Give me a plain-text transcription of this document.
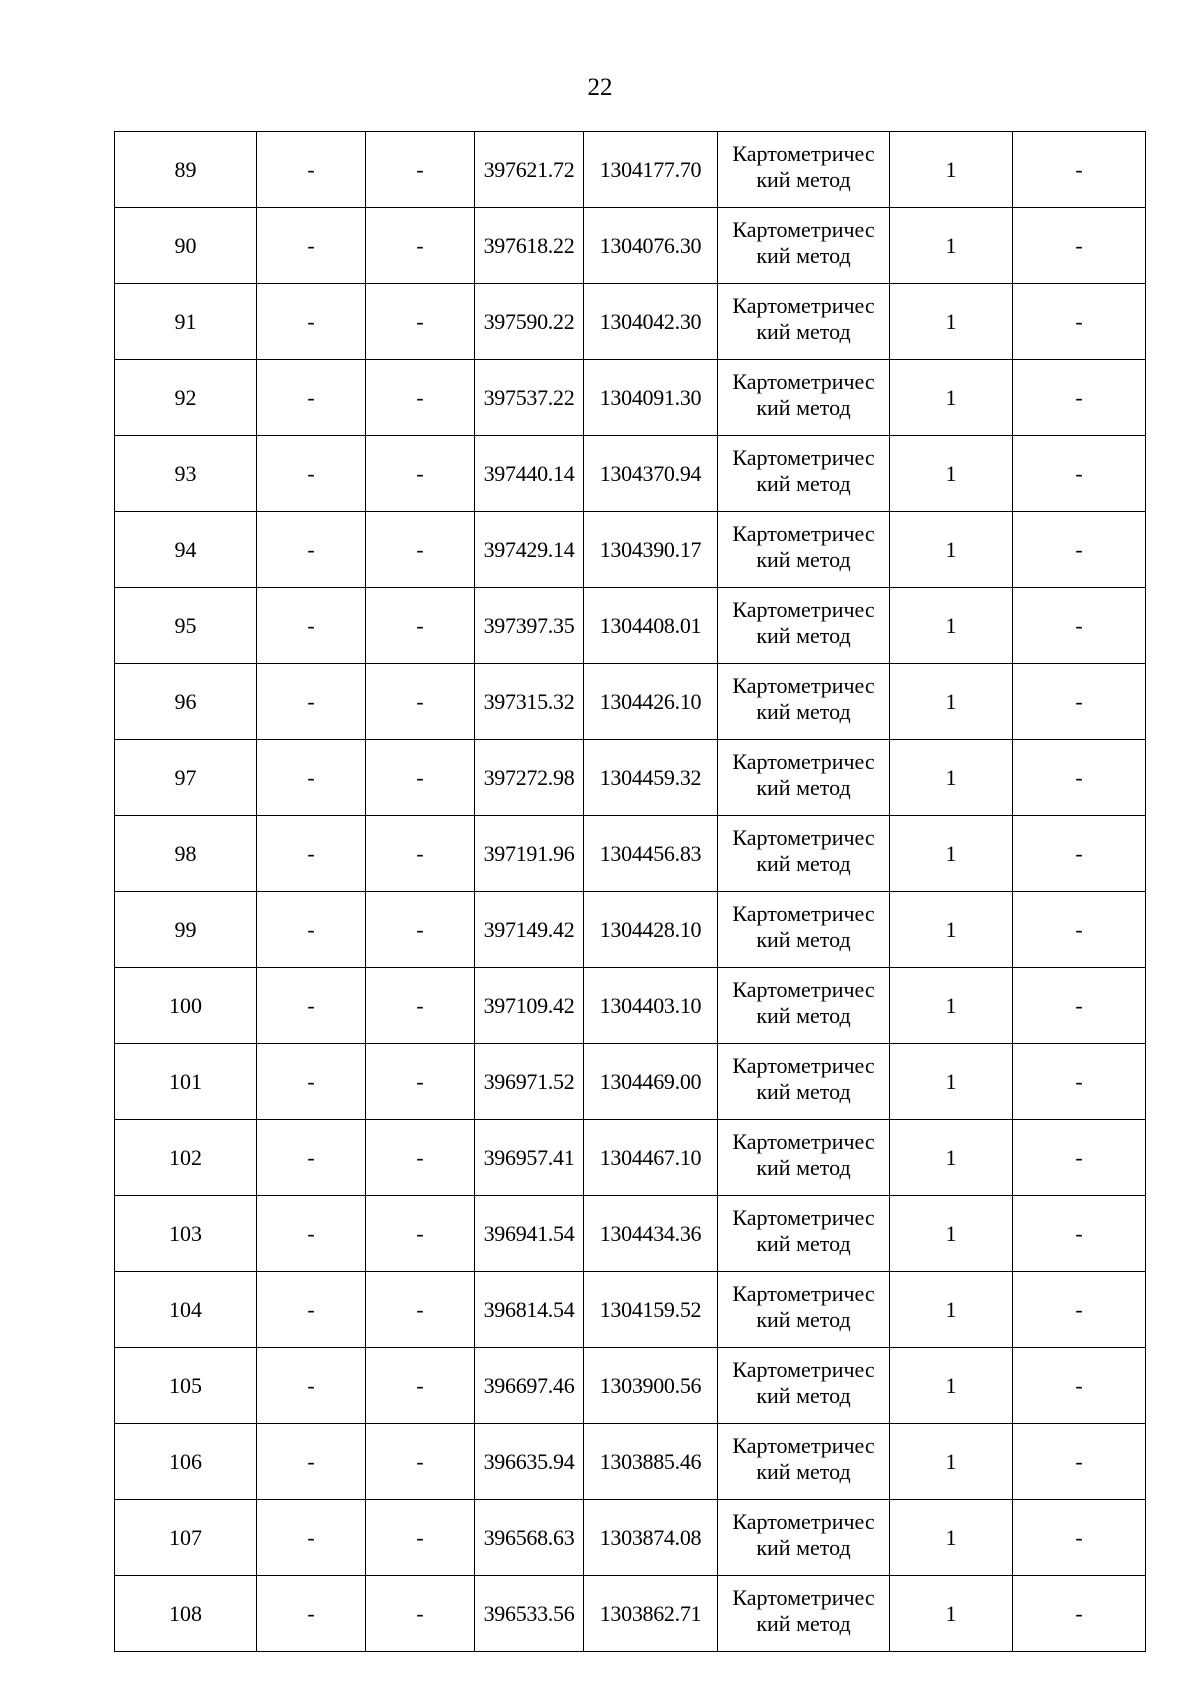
22
89	-	-	397621.72	1304177.70	Картометричес
кий метод	1	-
90	-	-	397618.22	1304076.30	Картометричес
кий метод	1	-
91	-	-	397590.22	1304042.30	Картометричес
кий метод	1	-
92	-	-	397537.22	1304091.30	Картометричес
кий метод	1	-
93	-	-	397440.14	1304370.94	Картометричес
кий метод	1	-
94	-	-	397429.14	1304390.17	Картометричес
кий метод	1	-
95	-	-	397397.35	1304408.01	Картометричес
кий метод	1	-
96	-	-	397315.32	1304426.10	Картометричес
кий метод	1	-
97	-	-	397272.98	1304459.32	Картометричес
кий метод	1	-
98	-	-	397191.96	1304456.83	Картометричес
кий метод	1	-
99	-	-	397149.42	1304428.10	Картометричес
кий метод	1	-
100	-	-	397109.42	1304403.10	Картометричес
кий метод	1	-
101	-	-	396971.52	1304469.00	Картометричес
кий метод	1	-
102	-	-	396957.41	1304467.10	Картометричес
кий метод	1	-
103	-	-	396941.54	1304434.36	Картометричес
кий метод	1	-
104	-	-	396814.54	1304159.52	Картометричес
кий метод	1	-
105	-	-	396697.46	1303900.56	Картометричес
кий метод	1	-
106	-	-	396635.94	1303885.46	Картометричес
кий метод	1	-
107	-	-	396568.63	1303874.08	Картометричес
кий метод	1	-
108	-	-	396533.56	1303862.71	Картометричес
кий метод	1	-
